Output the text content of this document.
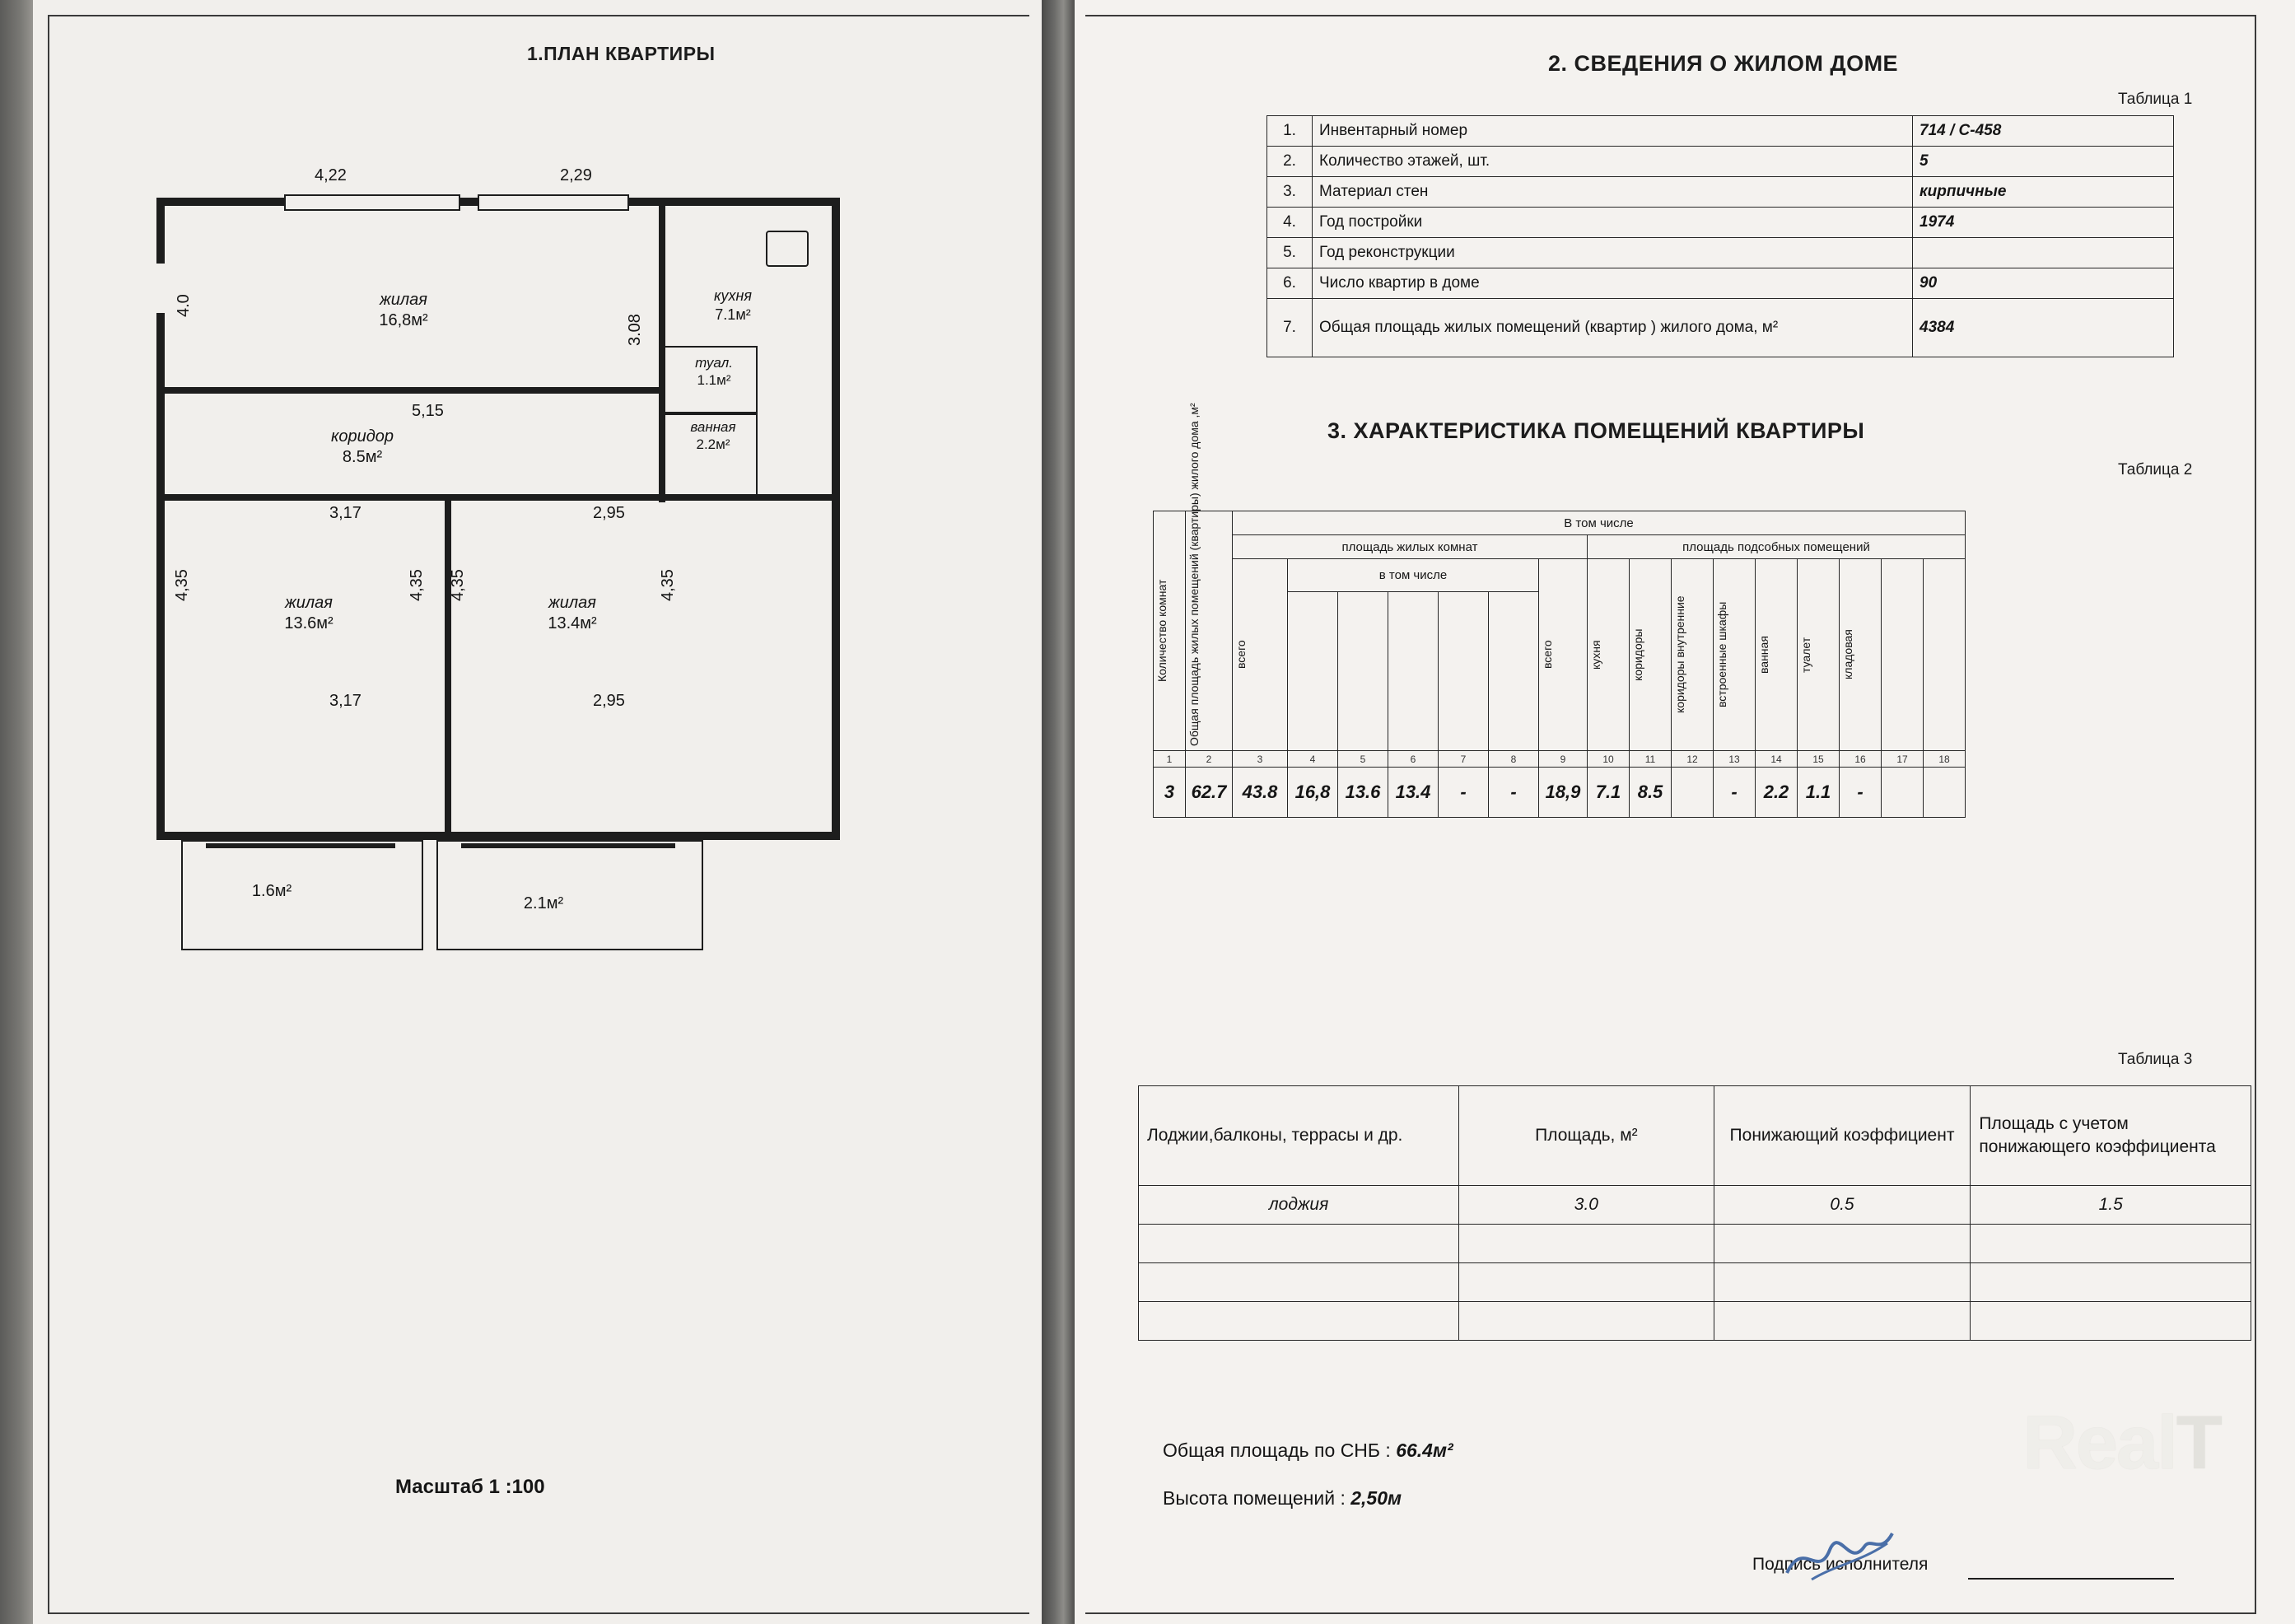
1.ПЛАН КВАРТИРЫ
4,22	2,29
4.0
3.08
5,15
3,17	2,95
4,35	4,35 4,35	4,35
3,17	2,95
жилая
16,8м²
кухня
7.1м²
туал.
1.1м²
ванная
2.2м²
коридор
8.5м²
жилая
13.6м²
жилая
13.4м²
1.6м²
2.1м²
Масштаб 1 :100
2. СВЕДЕНИЯ О ЖИЛОМ ДОМЕ
Таблица 1
1.	Инвентарный номер	714 / С-458
2.	Количество этажей, шт.	5
3.	Материал стен	кирпичные
4.	Год постройки	1974
5.	Год реконструкции	
6.	Число квартир в доме	90
7.	Общая площадь жилых помещений (квартир ) жилого дома, м²	4384
3. ХАРАКТЕРИСТИКА ПОМЕЩЕНИЙ КВАРТИРЫ
Таблица 2
Количество комнат	Общая площадь жилых помещений (квартиры) жилого дома ,м²	В том числе															
		площадь жилых комнат							площадь подсобных помещений								

		всего	в том числе					всего	кухня	коридоры	коридоры внутренние	встроенные шкафы	ванная	туалет	кладовая		

1	2	3	4	5	6	7	8	9	10	11	12	13	14	15	16	17	18
3	62.7	43.8	16,8	13.6	13.4	-	-	18,9	7.1	8.5		-	2.2	1.1	-		
Таблица 3
Лоджии,балконы, террасы и др.	Площадь, м²	Понижающий коэффициент	Площадь с учетом понижающего коэффициента
лоджия	3.0	0.5	1.5

Общая площадь по СНБ : 66.4м²
Высота помещений : 2,50м
Подпись исполнителя
RealT
